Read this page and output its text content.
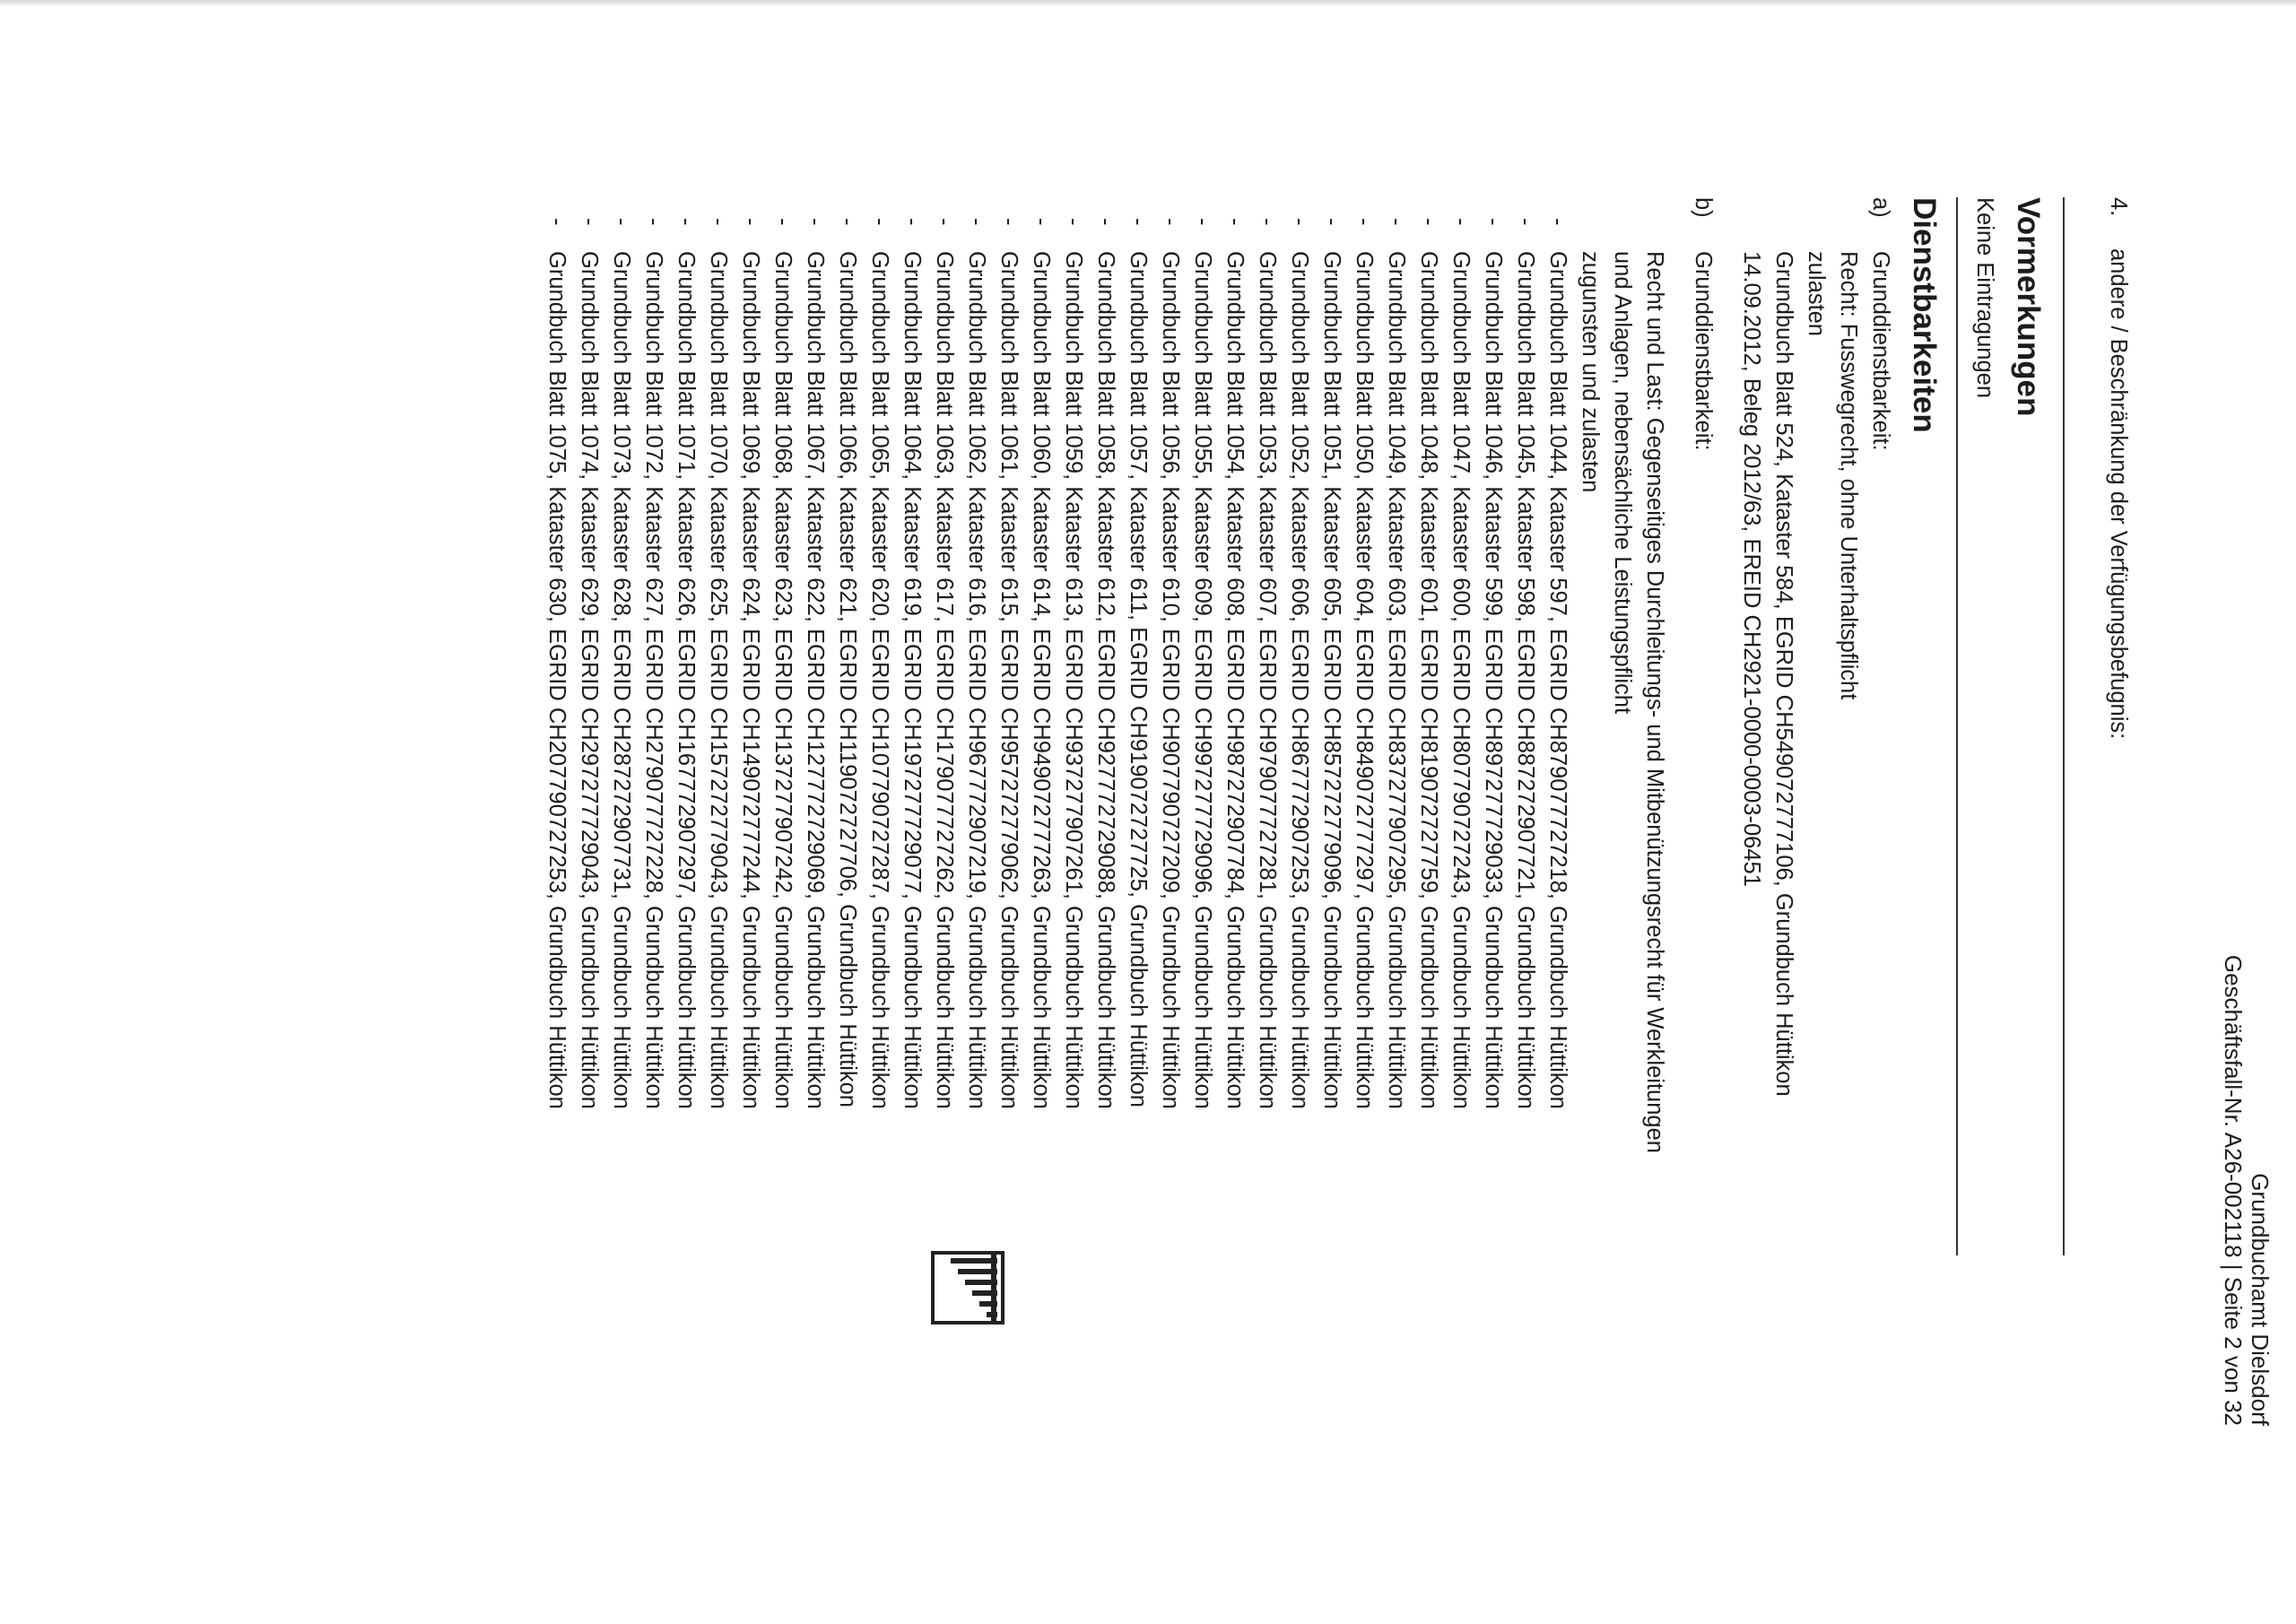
Grundbuchamt Dielsdorf
Geschäftsfall-Nr. A26-002118 | Seite 2 von 32
4.
andere / Beschränkung der Verfügungsbefugnis:
Vormerkungen
Keine Eintragungen
Dienstbarkeiten
a)
Grunddienstbarkeit:
Recht: Fusswegrecht, ohne Unterhaltspflicht
zulasten
Grundbuch Blatt 524, Kataster 584, EGRID CH549072777106, Grundbuch Hüttikon
14.09.2012, Beleg 2012/63, EREID CH2921-0000-0003-06451
b)
Grunddienstbarkeit:
Recht und Last: Gegenseitiges Durchleitungs- und Mitbenützungsrecht für Werkleitungen
und Anlagen, nebensächliche Leistungspflicht
zugunsten und zulasten
-
Grundbuch Blatt 1044, Kataster 597, EGRID CH879077727218, Grundbuch Hüttikon
-
Grundbuch Blatt 1045, Kataster 598, EGRID CH887272907721, Grundbuch Hüttikon
-
Grundbuch Blatt 1046, Kataster 599, EGRID CH897277729033, Grundbuch Hüttikon
-
Grundbuch Blatt 1047, Kataster 600, EGRID CH807790727243, Grundbuch Hüttikon
-
Grundbuch Blatt 1048, Kataster 601, EGRID CH819072727759, Grundbuch Hüttikon
-
Grundbuch Blatt 1049, Kataster 603, EGRID CH837277907295, Grundbuch Hüttikon
-
Grundbuch Blatt 1050, Kataster 604, EGRID CH849072777297, Grundbuch Hüttikon
-
Grundbuch Blatt 1051, Kataster 605, EGRID CH857272779096, Grundbuch Hüttikon
-
Grundbuch Blatt 1052, Kataster 606, EGRID CH867772907253, Grundbuch Hüttikon
-
Grundbuch Blatt 1053, Kataster 607, EGRID CH979077727281, Grundbuch Hüttikon
-
Grundbuch Blatt 1054, Kataster 608, EGRID CH987272907784, Grundbuch Hüttikon
-
Grundbuch Blatt 1055, Kataster 609, EGRID CH997277729096, Grundbuch Hüttikon
-
Grundbuch Blatt 1056, Kataster 610, EGRID CH907790727209, Grundbuch Hüttikon
-
Grundbuch Blatt 1057, Kataster 611, EGRID CH919072727725, Grundbuch Hüttikon
-
Grundbuch Blatt 1058, Kataster 612, EGRID CH927772729088, Grundbuch Hüttikon
-
Grundbuch Blatt 1059, Kataster 613, EGRID CH937277907261, Grundbuch Hüttikon
-
Grundbuch Blatt 1060, Kataster 614, EGRID CH949072777263, Grundbuch Hüttikon
-
Grundbuch Blatt 1061, Kataster 615, EGRID CH957272779062, Grundbuch Hüttikon
-
Grundbuch Blatt 1062, Kataster 616, EGRID CH967772907219, Grundbuch Hüttikon
-
Grundbuch Blatt 1063, Kataster 617, EGRID CH179077727262, Grundbuch Hüttikon
-
Grundbuch Blatt 1064, Kataster 619, EGRID CH197277729077, Grundbuch Hüttikon
-
Grundbuch Blatt 1065, Kataster 620, EGRID CH107790727287, Grundbuch Hüttikon
-
Grundbuch Blatt 1066, Kataster 621, EGRID CH119072727706, Grundbuch Hüttikon
-
Grundbuch Blatt 1067, Kataster 622, EGRID CH127772729069, Grundbuch Hüttikon
-
Grundbuch Blatt 1068, Kataster 623, EGRID CH137277907242, Grundbuch Hüttikon
-
Grundbuch Blatt 1069, Kataster 624, EGRID CH149072777244, Grundbuch Hüttikon
-
Grundbuch Blatt 1070, Kataster 625, EGRID CH157272779043, Grundbuch Hüttikon
-
Grundbuch Blatt 1071, Kataster 626, EGRID CH167772907297, Grundbuch Hüttikon
-
Grundbuch Blatt 1072, Kataster 627, EGRID CH279077727228, Grundbuch Hüttikon
-
Grundbuch Blatt 1073, Kataster 628, EGRID CH287272907731, Grundbuch Hüttikon
-
Grundbuch Blatt 1074, Kataster 629, EGRID CH297277729043, Grundbuch Hüttikon
-
Grundbuch Blatt 1075, Kataster 630, EGRID CH207790727253, Grundbuch Hüttikon
